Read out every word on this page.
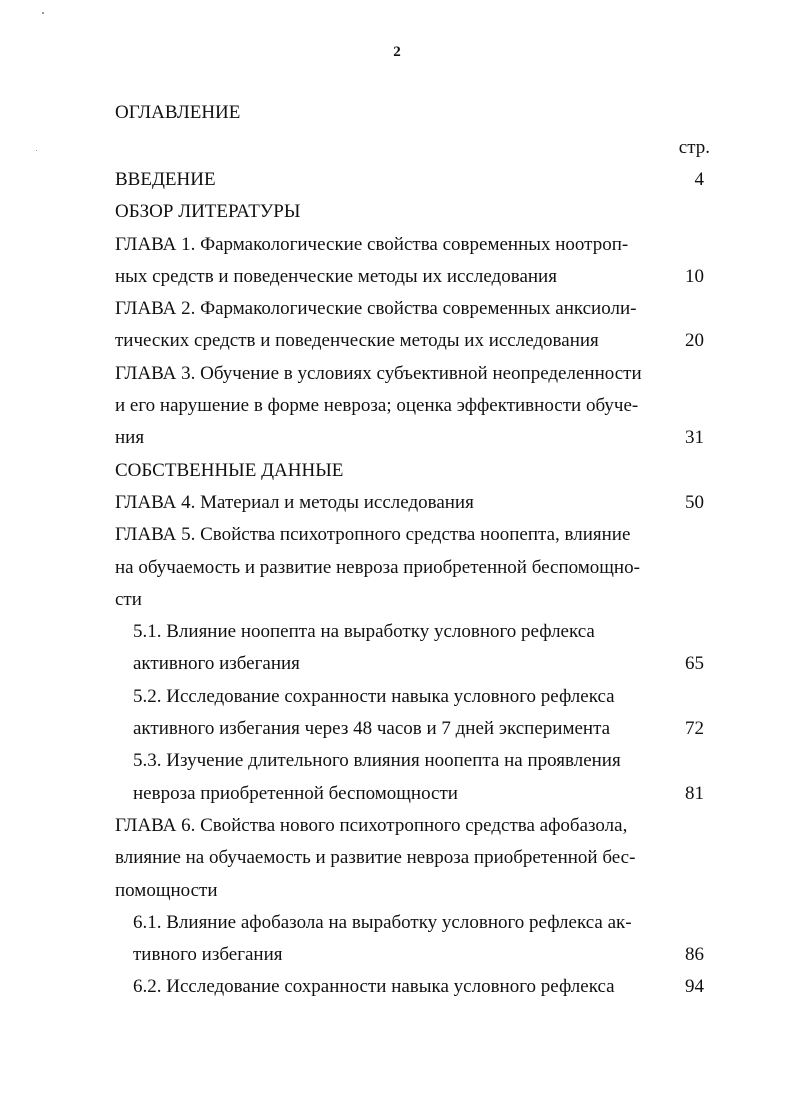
2
ОГЛАВЛЕНИЕ
стр.
ВВЕДЕНИЕ	4
ОБЗОР ЛИТЕРАТУРЫ
ГЛАВА 1. Фармакологические свойства современных ноотроп-
ных средств и поведенческие методы их исследования	10
ГЛАВА 2. Фармакологические свойства современных анксиоли-
тических средств и поведенческие методы их исследования	20
ГЛАВА 3. Обучение в условиях субъективной неопределенности
и его нарушение в форме невроза; оценка эффективности обуче-
ния	31
СОБСТВЕННЫЕ ДАННЫЕ
ГЛАВА 4. Материал и методы исследования	50
ГЛАВА 5. Свойства психотропного средства ноопепта, влияние
на обучаемость и развитие невроза приобретенной беспомощно-
сти
5.1. Влияние ноопепта на выработку условного рефлекса
активного избегания	65
5.2. Исследование сохранности навыка условного рефлекса
активного избегания через 48 часов и 7 дней эксперимента	72
5.3. Изучение длительного влияния ноопепта на проявления
невроза приобретенной беспомощности	81
ГЛАВА 6. Свойства нового психотропного средства афобазола,
влияние на обучаемость и развитие невроза приобретенной бес-
помощности
6.1. Влияние афобазола на выработку условного рефлекса ак-
тивного избегания	86
6.2. Исследование сохранности навыка условного рефлекса	94
